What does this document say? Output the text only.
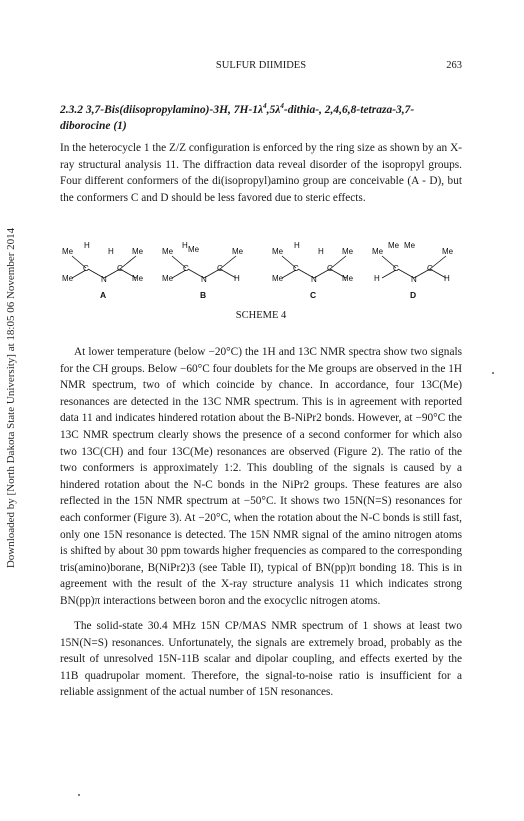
Downloaded by [North Dakota State University] at 18:05 06 November 2014
SULFUR DIIMIDES	263
2.3.2 3,7-Bis(diisopropylamino)-3H, $7H-1\lambda^4,5\lambda^4-dithia-$, 2,4,6,8-tetraza-3,7-diborocine (1)
In the heterocycle 1 the Z/Z configuration is enforced by the ring size as shown by an X-ray structural analysis 11. The diffraction data reveal disorder of the isopropyl groups. Four different conformers of the di(isopropyl)amino group are conceivable (A - D), but the conformers C and D should be less favored due to steric effects.
Me
Me
H
C
N
H
C
Me
Me
A
Me
Me
H Me
C
N
C
Me
H
B
Me
Me
H
C
N
H
C
Me
Me
C
Me
H
Me
C
N
Me
C
Me
H
D
SCHEME 4
At lower temperature (below −20°C) the 1H and 13C NMR spectra show two signals for the CH groups. Below −60°C four doublets for the Me groups are observed in the 1H NMR spectrum, two of which coincide by chance. In accordance, four 13C(Me) resonances are detected in the 13C NMR spectrum. This is in agreement with reported data 11 and indicates hindered rotation about the B-NiPr2 bonds. However, at −90°C the 13C NMR spectrum clearly shows the presence of a second conformer for which also two 13C(CH) and four 13C(Me) resonances are observed (Figure 2). The ratio of the two conformers is approximately 1:2. This doubling of the signals is caused by a hindered rotation about the N-C bonds in the NiPr2 groups. These features are also reflected in the 15N NMR spectrum at −50°C. It shows two 15N(N=S) resonances for each conformer (Figure 3). At −20°C, when the rotation about the N-C bonds is still fast, only one 15N resonance is detected. The 15N NMR signal of the amino nitrogen atoms is shifted by about 30 ppm towards higher frequencies as compared to the corresponding tris(amino)borane, B(NiPr2)3 (see Table II), typical of BN(pp)π bonding 18. This is in agreement with the result of the X-ray structure analysis 11 which indicates strong BN(pp)π interactions between boron and the exocyclic nitrogen atoms.
The solid-state 30.4 MHz 15N CP/MAS NMR spectrum of 1 shows at least two 15N(N=S) resonances. Unfortunately, the signals are extremely broad, probably as the result of unresolved 15N-11B scalar and dipolar coupling, and effects exerted by the 11B quadrupolar moment. Therefore, the signal-to-noise ratio is insufficient for a reliable assignment of the actual number of 15N resonances.
